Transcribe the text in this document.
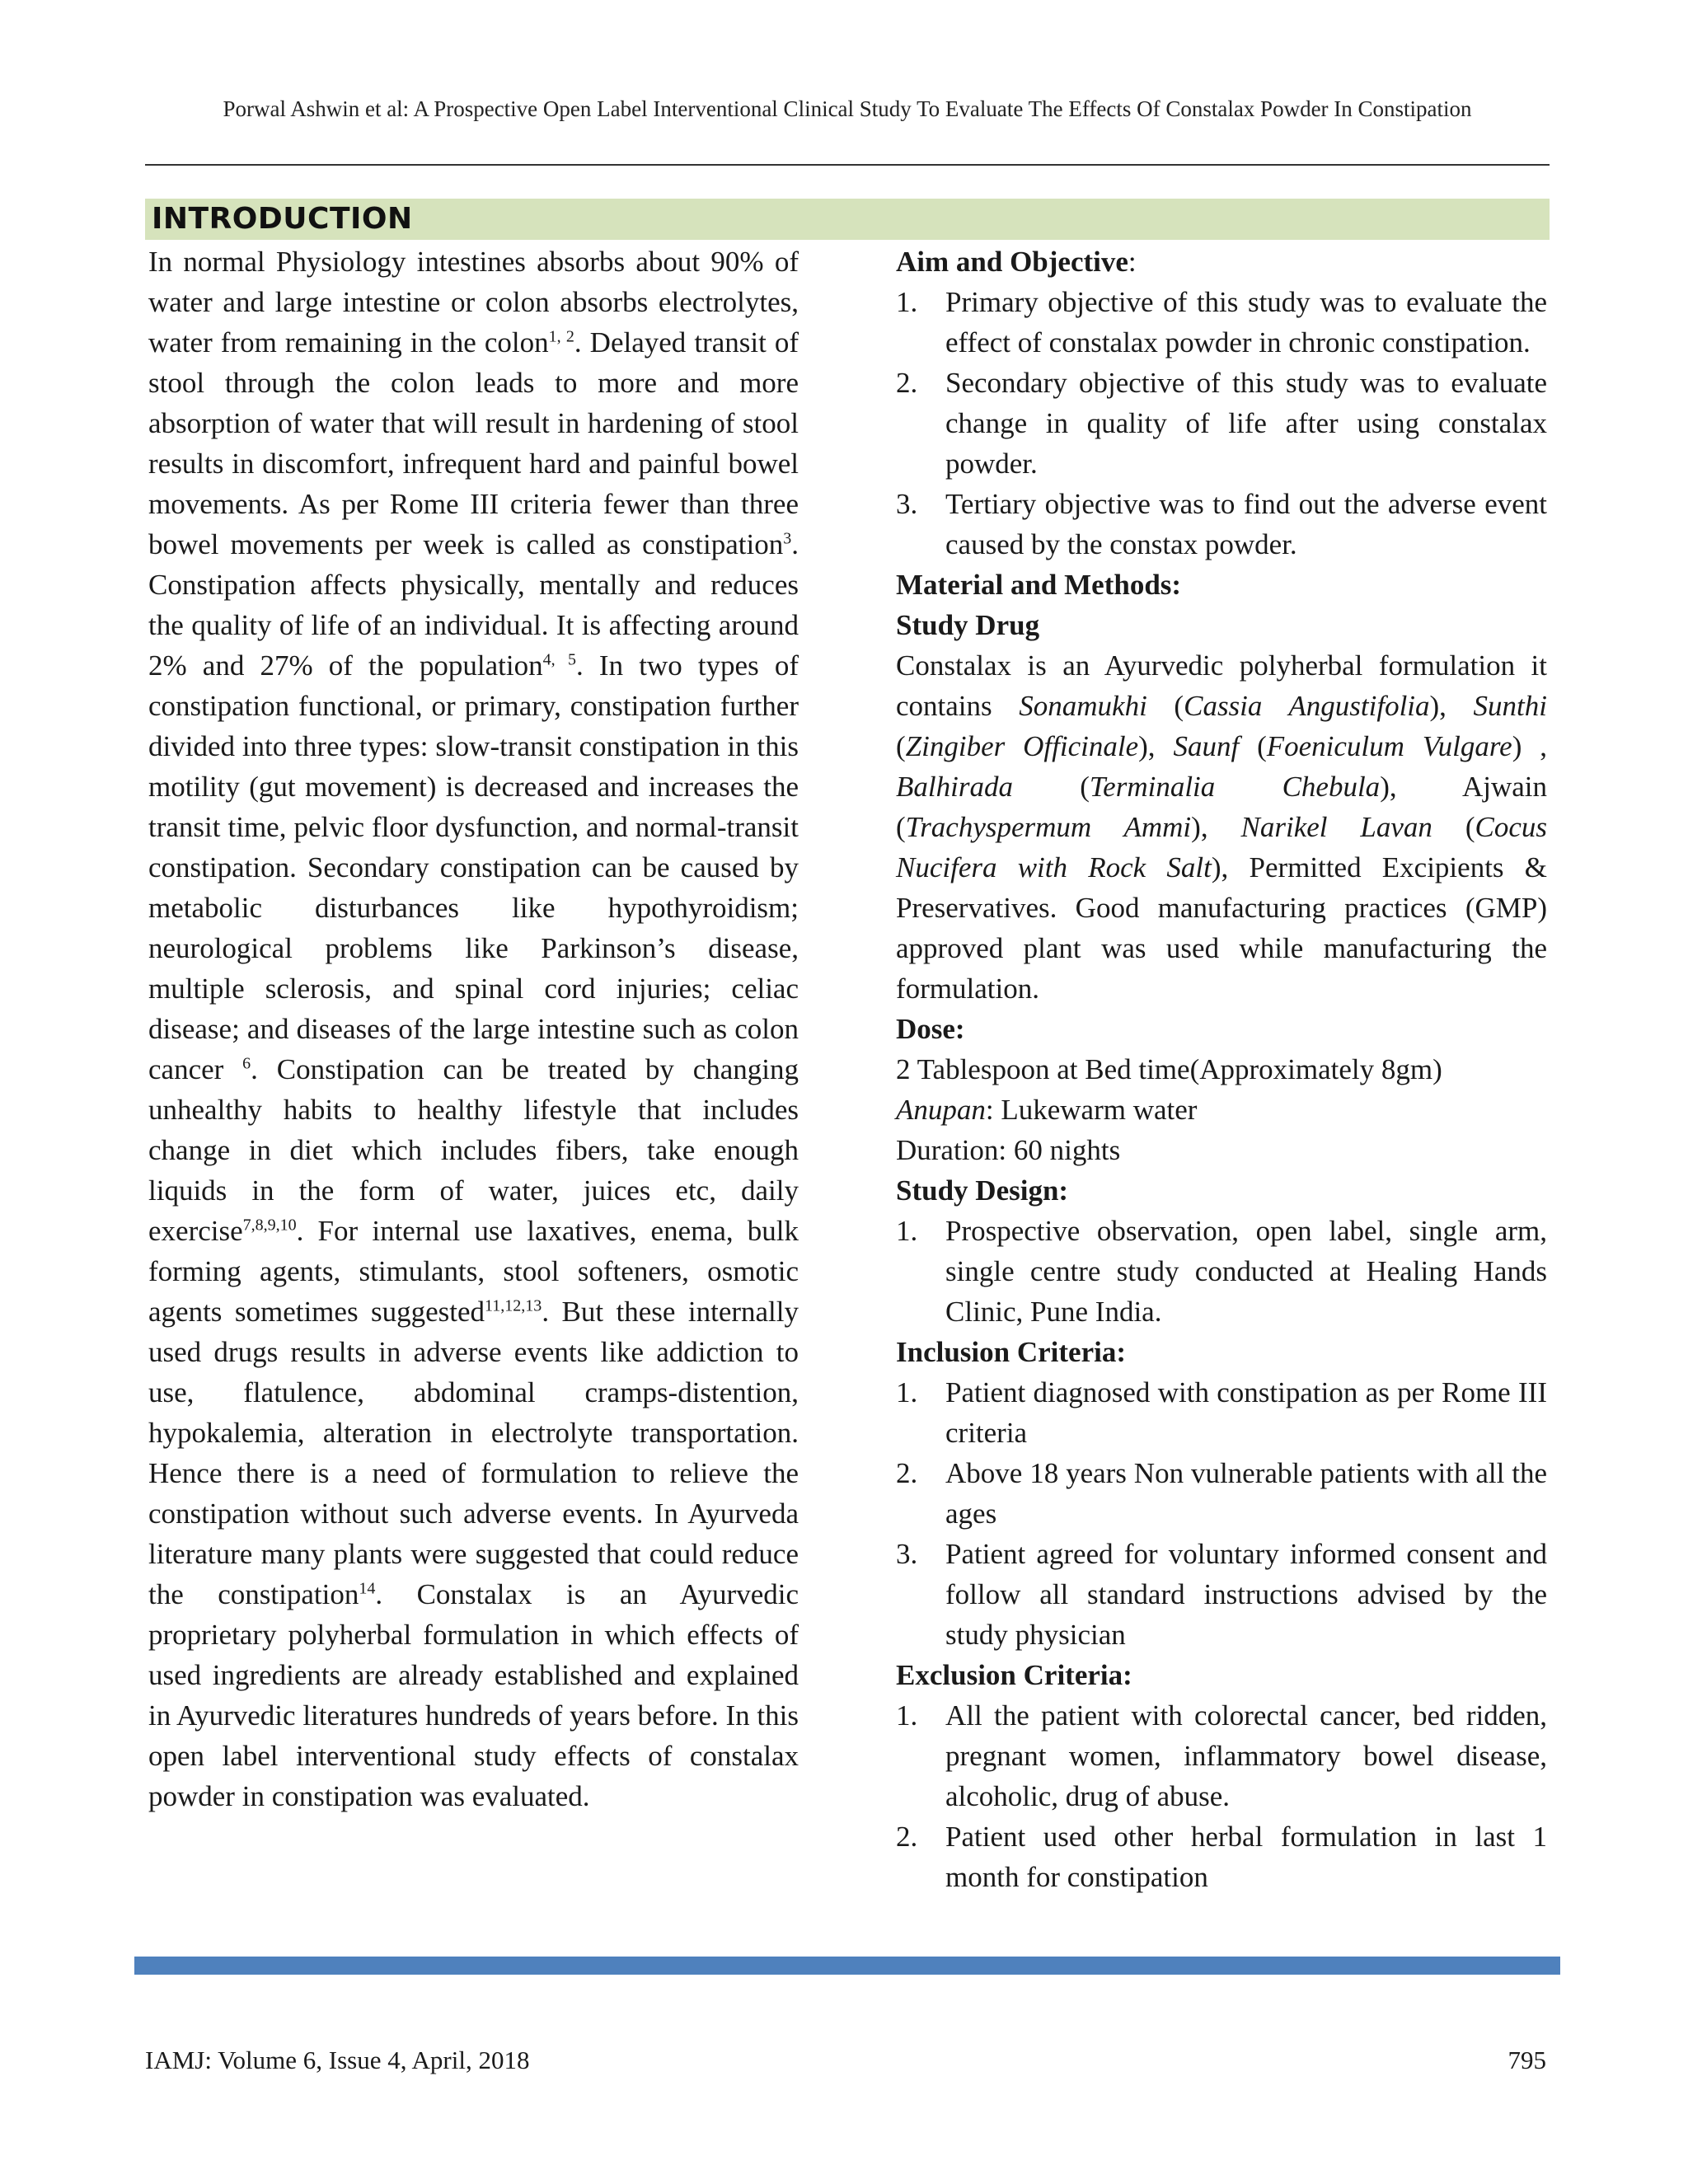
Porwal Ashwin et al: A Prospective Open Label Interventional Clinical Study To Evaluate The Effects Of Constalax Powder In Constipation
INTRODUCTION

In normal Physiology intestines absorbs about 90% of water and large intestine or colon absorbs electrolytes, water from remaining in the colon$^{1, 2}$. Delayed transit of stool through the colon leads to more and more absorption of water that will result in hardening of stool results in discomfort, infrequent hard and painful bowel movements. As per Rome III criteria fewer than three bowel movements per week is called as constipation$^3$. Constipation affects physically, mentally and reduces the quality of life of an individual. It is affecting around 2% and 27% of the population$^{4, 5}$. In two types of constipation functional, or primary, constipation further divided into three types: slow-transit constipation in this motility (gut movement) is decreased and increases the transit time, pelvic floor dysfunction, and normal-transit constipation. Secondary constipation can be caused by metabolic disturbances like hypothyroidism; neurological problems like Parkinson’s disease, multiple sclerosis, and spinal cord injuries; celiac disease; and diseases of the large intestine such as colon cancer $^6$. Constipation can be treated by changing unhealthy habits to healthy lifestyle that includes change in diet which includes fibers, take enough liquids in the form of water, juices etc, daily exercise$^{7,8,9,10}$. For internal use laxatives, enema, bulk forming agents, stimulants, stool softeners, osmotic agents sometimes suggested$^{11,12,13}$. But these internally used drugs results in adverse events like addiction to use, flatulence, abdominal cramps-distention, hypokalemia, alteration in electrolyte transportation. Hence there is a need of formulation to relieve the constipation without such adverse events. In Ayurveda literature many plants were suggested that could reduce the constipation$^{14}$. Constalax is an Ayurvedic proprietary polyherbal formulation in which effects of used ingredients are already established and explained in Ayurvedic literatures hundreds of years before. In this open label interventional study effects of constalax powder in constipation was evaluated.

Aim and Objective:

1. Primary objective of this study was to evaluate the effect of constalax powder in chronic constipation.
2. Secondary objective of this study was to evaluate change in quality of life after using constalax powder.
3. Tertiary objective was to find out the adverse event caused by the constax powder.

Material and Methods:

Study Drug

Constalax is an Ayurvedic polyherbal formulation it contains Sonamukhi (Cassia Angustifolia), Sunthi (Zingiber Officinale), Saunf (Foeniculum Vulgare) , Balhirada (Terminalia Chebula), Ajwain (Trachyspermum Ammi), Narikel Lavan (Cocus Nucifera with Rock Salt), Permitted Excipients & Preservatives. Good manufacturing practices (GMP) approved plant was used while manufacturing the formulation.

Dose:

2 Tablespoon at Bed time(Approximately 8gm)

Anupan: Lukewarm water

Duration: 60 nights

Study Design:

1. Prospective observation, open label, single arm, single centre study conducted at Healing Hands Clinic, Pune India.

Inclusion Criteria:

1. Patient diagnosed with constipation as per Rome III criteria
2. Above 18 years Non vulnerable patients with all the ages
3. Patient agreed for voluntary informed consent and follow all standard instructions advised by the study physician

Exclusion Criteria:

1. All the patient with colorectal cancer, bed ridden, pregnant women, inflammatory bowel disease, alcoholic, drug of abuse.
2. Patient used other herbal formulation in last 1 month for constipation
IAMJ: Volume 6, Issue 4, April, 2018	795
